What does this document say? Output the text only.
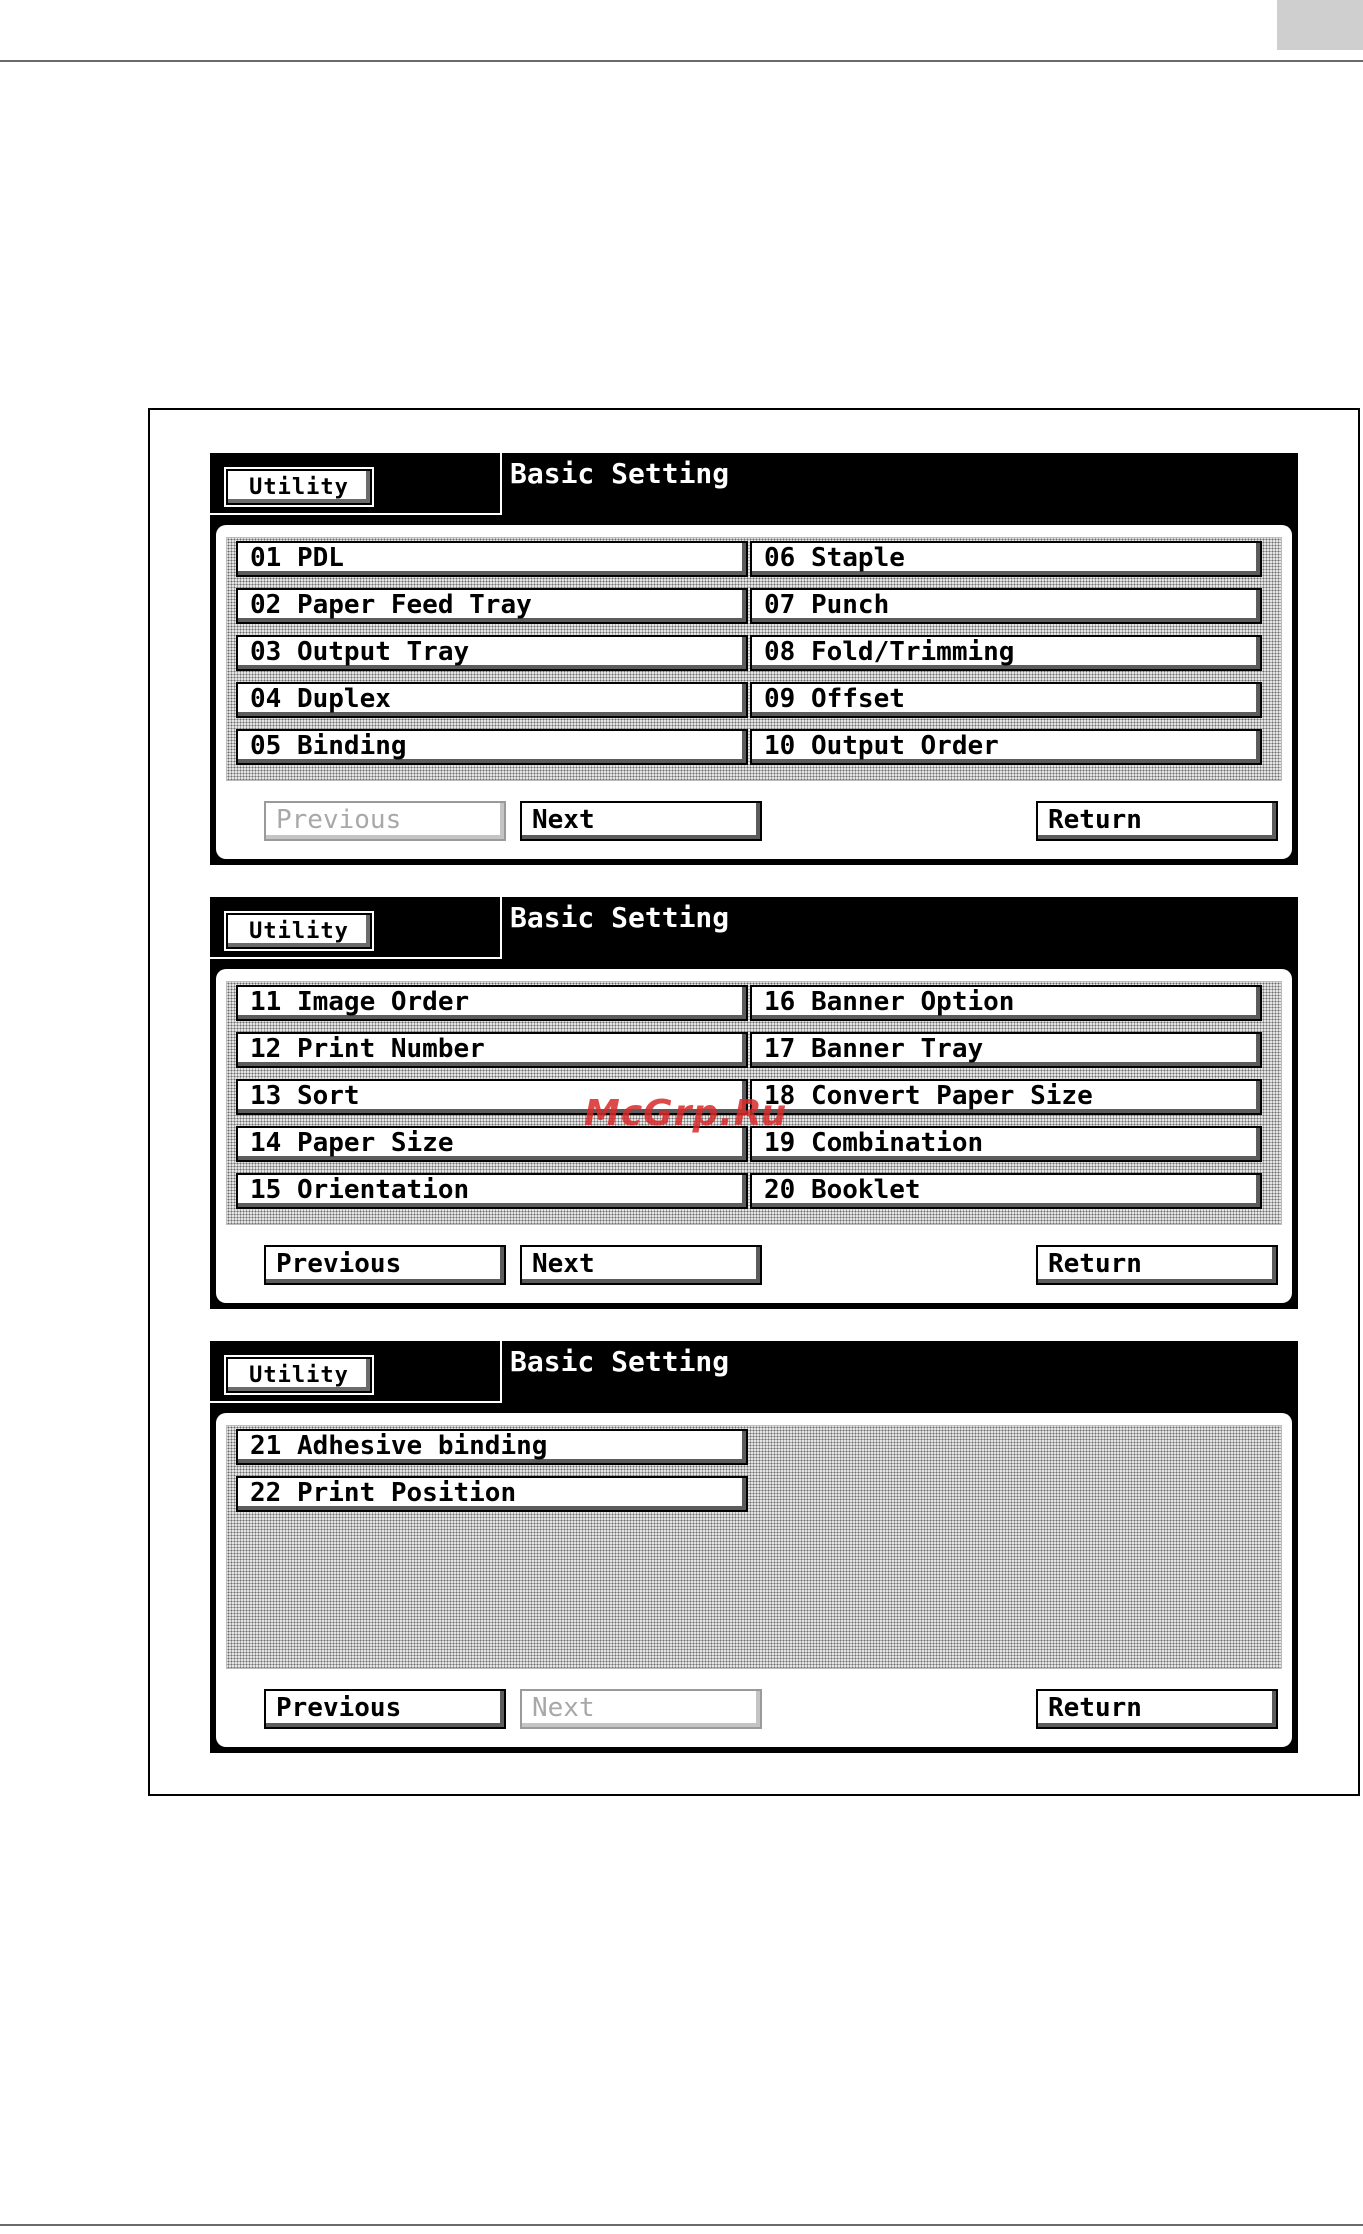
Utility	Basic Setting
01 PDL
02 Paper Feed Tray
03 Output Tray
04 Duplex
05 Binding
06 Staple
07 Punch
08 Fold/Trimming
09 Offset
10 Output Order
Previous	Next	Return
Utility	Basic Setting
11 Image Order
12 Print Number
13 Sort
14 Paper Size
15 Orientation
16 Banner Option
17 Banner Tray
18 Convert Paper Size
19 Combination
20 Booklet
Previous	Next	Return
Utility	Basic Setting
21 Adhesive binding
22 Print Position
Previous	Next	Return
McGrp.Ru
